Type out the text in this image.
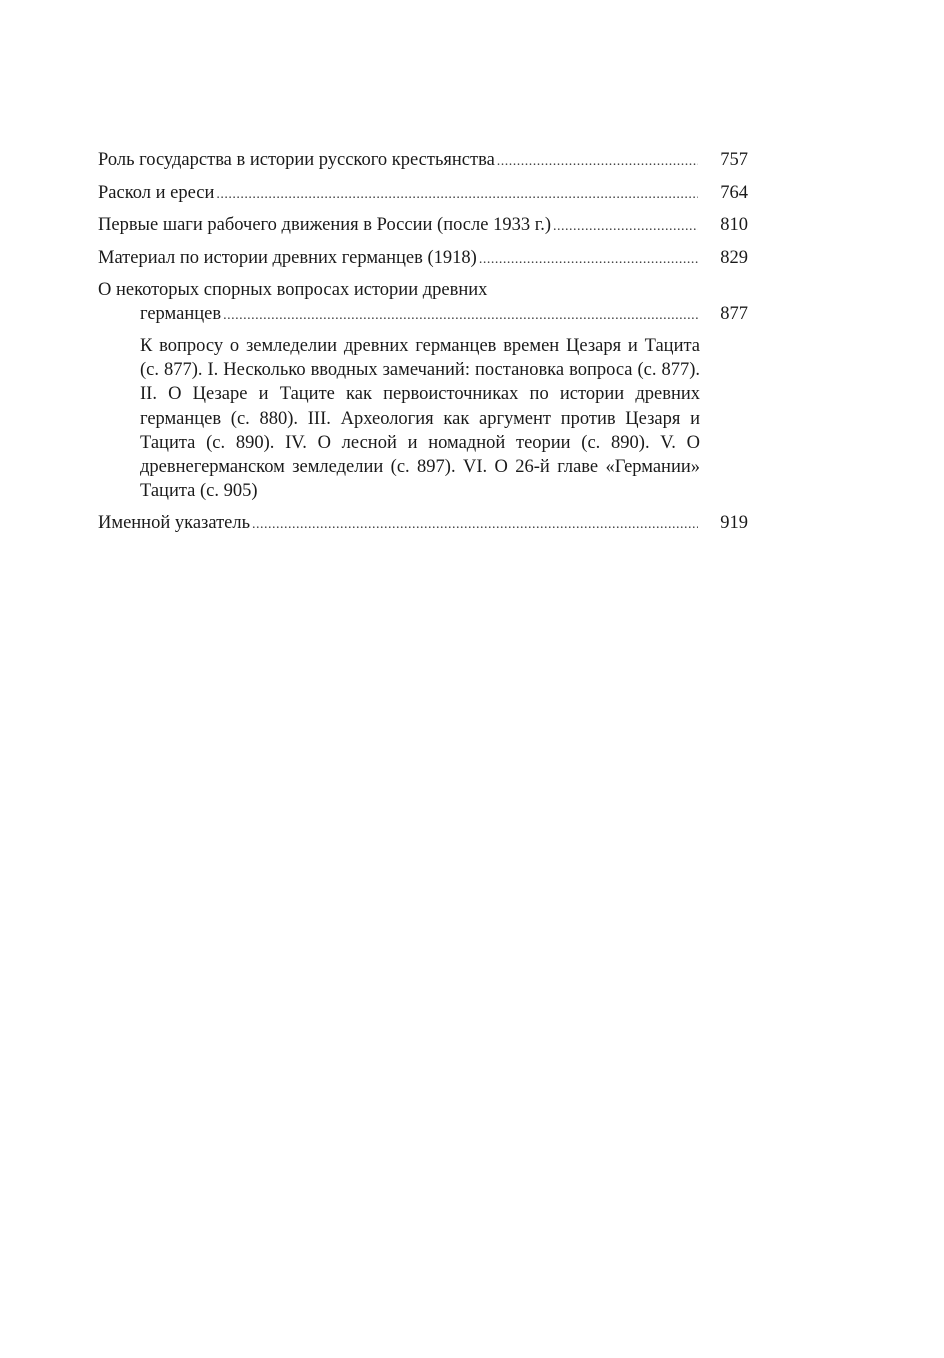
Роль государства в истории русского крестьянства .....	757
Раскол и ереси .....	764
Первые шаги рабочего движения в России (после 1933 г.) .....	810
Материал по истории древних германцев (1918) .....	829
О некоторых спорных вопросах истории древних
германцев .....	877
К вопросу о земледелии древних германцев времен Цезаря и Тацита (с. 877). I. Несколько вводных замечаний: постановка вопроса (с. 877). II. О Цезаре и Таците как первоисточниках по истории древних германцев (с. 880). III. Археология как аргумент против Цезаря и Тацита (с. 890). IV. О лесной и номадной теории (с. 890). V. О древнегерманском земледелии (с. 897). VI. О 26-й главе «Германии» Тацита (с. 905)
Именной указатель .....	919
